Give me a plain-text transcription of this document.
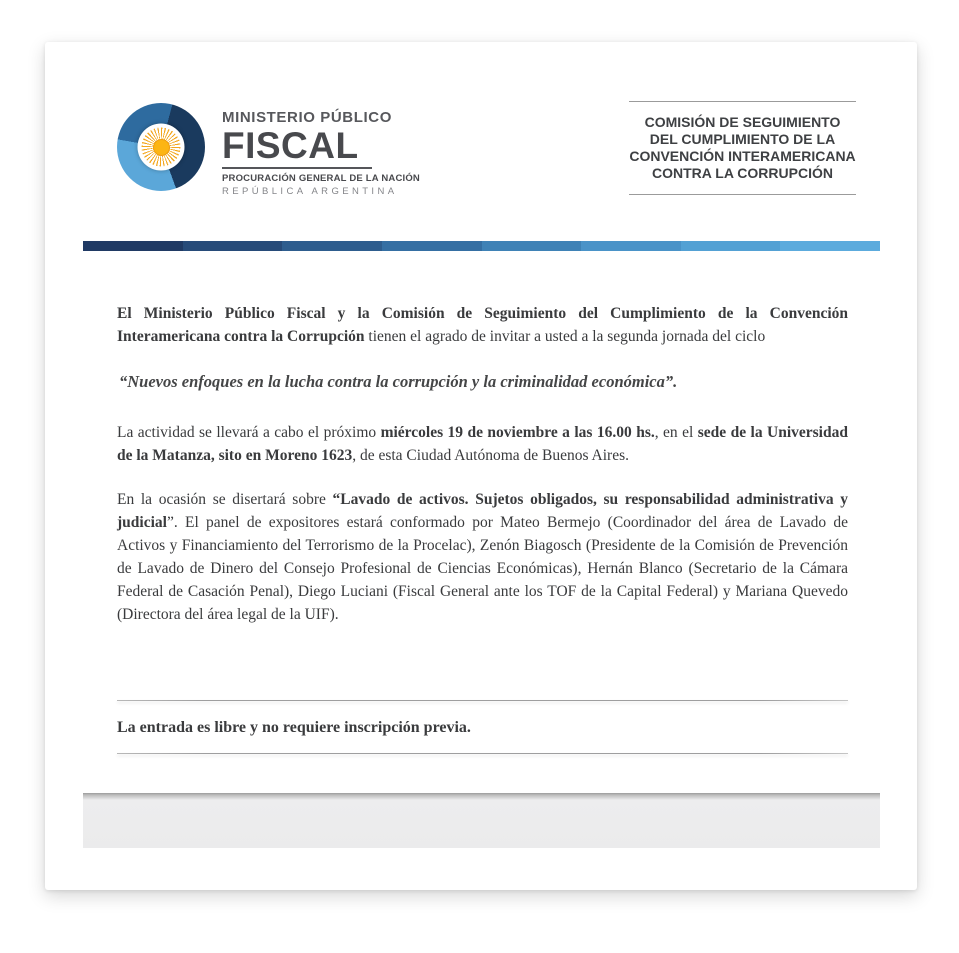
MINISTERIO PÚBLICO
FISCAL
PROCURACIÓN GENERAL DE LA NACIÓN
REPÚBLICA ARGENTINA
COMISIÓN DE SEGUIMIENTO
DEL CUMPLIMIENTO DE LA
CONVENCIÓN INTERAMERICANA
CONTRA LA CORRUPCIÓN

El Ministerio Público Fiscal y la Comisión de Seguimiento del Cumplimiento de la Convención Interamericana contra la Corrupción tienen el agrado de invitar a usted a la segunda jornada del ciclo

“Nuevos enfoques en la lucha contra la corrupción y la criminalidad económica”.

La actividad se llevará a cabo el próximo miércoles 19 de noviembre a las 16.00 hs., en el sede de la Universidad de la Matanza, sito en Moreno 1623, de esta Ciudad Autónoma de Buenos Aires.

En la ocasión se disertará sobre “Lavado de activos. Sujetos obligados, su responsabilidad administrativa y judicial”. El panel de expositores estará conformado por Mateo Bermejo (Coordinador del área de Lavado de Activos y Financiamiento del Terrorismo de la Procelac), Zenón Biagosch (Presidente de la Comisión de Prevención de Lavado de Dinero del Consejo Profesional de Ciencias Económicas), Hernán Blanco (Secretario de la Cámara Federal de Casación Penal), Diego Luciani (Fiscal General ante los TOF de la Capital Federal) y Mariana Quevedo (Directora del área legal de la UIF).

La entrada es libre y no requiere inscripción previa.
